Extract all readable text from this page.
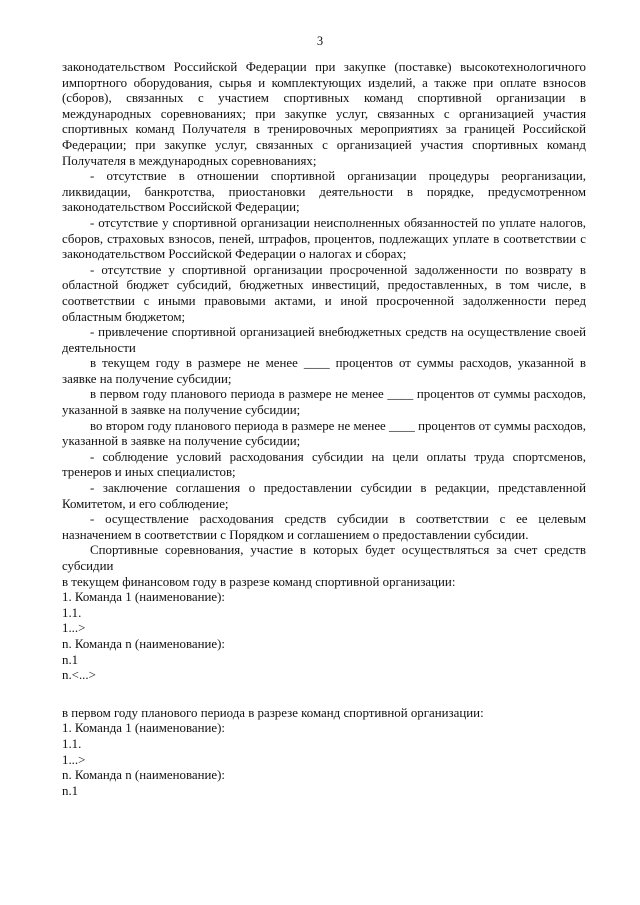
3

законодательством Российской Федерации при закупке (поставке) высокотехнологичного импортного оборудования, сырья и комплектующих изделий, а также при оплате взносов (сборов), связанных с участием спортивных команд спортивной организации в международных соревнованиях; при закупке услуг, связанных с организацией участия спортивных команд Получателя в тренировочных мероприятиях за границей Российской Федерации; при закупке услуг, связанных с организацией участия спортивных команд Получателя в международных соревнованиях;

- отсутствие в отношении спортивной организации процедуры реорганизации, ликвидации, банкротства, приостановки деятельности в порядке, предусмотренном законодательством Российской Федерации;

- отсутствие у спортивной организации неисполненных обязанностей по уплате налогов, сборов, страховых взносов, пеней, штрафов, процентов, подлежащих уплате в соответствии с законодательством Российской Федерации о налогах и сборах;

- отсутствие у спортивной организации просроченной задолженности по возврату в областной бюджет субсидий, бюджетных инвестиций, предоставленных, в том числе, в соответствии с иными правовыми актами, и иной просроченной задолженности перед областным бюджетом;

- привлечение спортивной организацией внебюджетных средств на осуществление своей деятельности

в текущем году в размере не менее ____ процентов от суммы расходов, указанной в заявке на получение субсидии;

в первом году планового периода в размере не менее ____ процентов от суммы расходов, указанной в заявке на получение субсидии;

во втором году планового периода в размере не менее ____ процентов от суммы расходов, указанной в заявке на получение субсидии;

- соблюдение условий расходования субсидии на цели оплаты труда спортсменов, тренеров и иных специалистов;

- заключение соглашения о предоставлении субсидии в редакции, представленной Комитетом, и его соблюдение;

- осуществление расходования средств субсидии в соответствии с ее целевым назначением в соответствии с Порядком и соглашением о предоставлении субсидии.

Спортивные соревнования, участие в которых будет осуществляться за счет средств субсидии

в текущем финансовом году в разрезе команд спортивной организации:

1. Команда 1 (наименование):

1.1.

1...>

n. Команда n (наименование):

n.1

n.<...>

в первом году планового периода в разрезе команд спортивной организации:

1. Команда 1 (наименование):

1.1.

1...>

n. Команда n (наименование):

n.1
